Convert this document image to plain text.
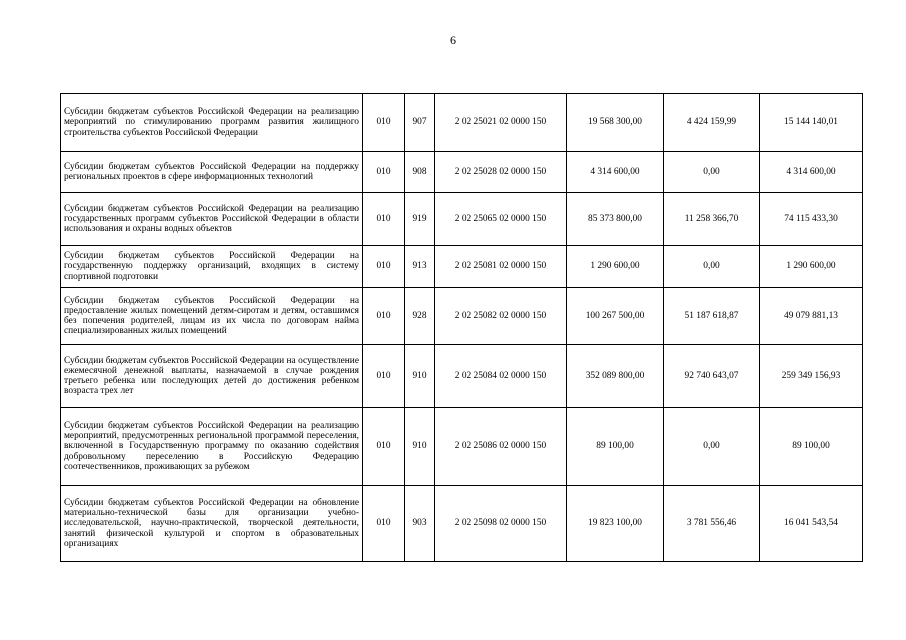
6
Субсидии бюджетам субъектов Российской Федерации на реализацию мероприятий по стимулированию программ развития жилищного строительства субъектов Российской Федерации	010	907	2 02 25021 02 0000 150	19 568 300,00	4 424 159,99	15 144 140,01
Субсидии бюджетам субъектов Российской Федерации на поддержку региональных проектов в сфере информационных технологий	010	908	2 02 25028 02 0000 150	4 314 600,00	0,00	4 314 600,00
Субсидии бюджетам субъектов Российской Федерации на реализацию государственных программ субъектов Российской Федерации в области использования и охраны водных объектов	010	919	2 02 25065 02 0000 150	85 373 800,00	11 258 366,70	74 115 433,30
Субсидии бюджетам субъектов Российской Федерации на государственную поддержку организаций, входящих в систему спортивной подготовки	010	913	2 02 25081 02 0000 150	1 290 600,00	0,00	1 290 600,00
Субсидии бюджетам субъектов Российской Федерации на предоставление жилых помещений детям-сиротам и детям, оставшимся без попечения родителей, лицам из их числа по договорам найма специализированных жилых помещений	010	928	2 02 25082 02 0000 150	100 267 500,00	51 187 618,87	49 079 881,13
Субсидии бюджетам субъектов Российской Федерации на осуществление ежемесячной денежной выплаты, назначаемой в случае рождения третьего ребенка или последующих детей до достижения ребенком возраста трех лет	010	910	2 02 25084 02 0000 150	352 089 800,00	92 740 643,07	259 349 156,93
Субсидии бюджетам субъектов Российской Федерации на реализацию мероприятий, предусмотренных региональной программой переселения, включенной в Государственную программу по оказанию содействия добровольному переселению в Российскую Федерацию соотечественников, проживающих за рубежом	010	910	2 02 25086 02 0000 150	89 100,00	0,00	89 100,00
Субсидии бюджетам субъектов Российской Федерации на обновление материально-технической базы для организации учебно-исследовательской, научно-практической, творческой деятельности, занятий физической культурой и спортом в образовательных организациях	010	903	2 02 25098 02 0000 150	19 823 100,00	3 781 556,46	16 041 543,54
